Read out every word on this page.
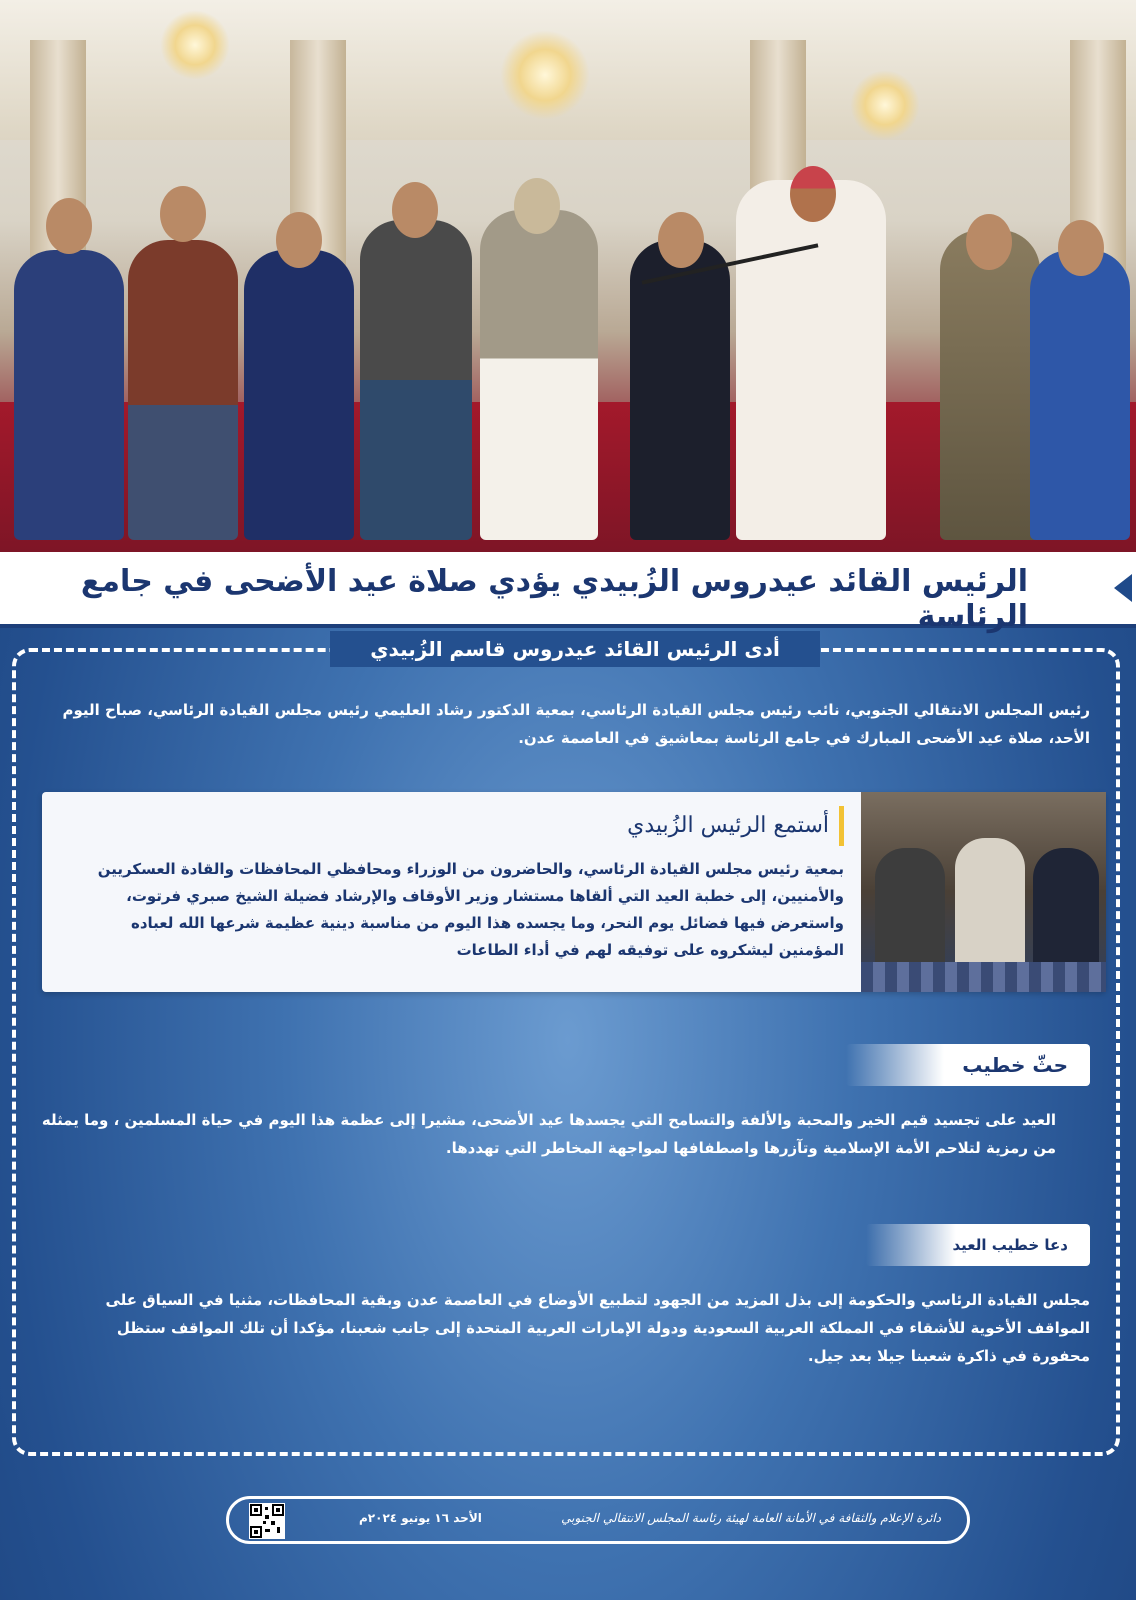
الرئيس القائد عيدروس الزُبيدي يؤدي صلاة عيد الأضحى في جامع الرئاسة
أدى الرئيس القائد عيدروس قاسم الزُبيدي
رئيس المجلس الانتقالي الجنوبي، نائب رئيس مجلس القيادة الرئاسي، بمعية الدكتور رشاد العليمي رئيس مجلس القيادة الرئاسي، صباح اليوم الأحد، صلاة عيد الأضحى المبارك في جامع الرئاسة بمعاشيق في العاصمة عدن.
أستمع الرئيس الزُبيدي
بمعية رئيس مجلس القيادة الرئاسي، والحاضرون من الوزراء ومحافظي المحافظات والقادة العسكريين والأمنيين، إلى خطبة العيد التي ألقاها مستشار وزير الأوقاف والإرشاد فضيلة الشيخ صبري فرتوت، واستعرض فيها فضائل يوم النحر، وما يجسده هذا اليوم من مناسبة دينية عظيمة شرعها الله لعباده المؤمنين ليشكروه على توفيقه لهم في أداء الطاعات
حثّ خطيب
العيد على تجسيد قيم الخير والمحبة والألفة والتسامح التي يجسدها عيد الأضحى، مشيرا إلى عظمة هذا اليوم في حياة المسلمين ، وما يمثله من رمزية لتلاحم الأمة الإسلامية وتآزرها واصطفافها لمواجهة المخاطر التي تهددها.
دعا خطيب العيد
مجلس القيادة الرئاسي والحكومة إلى بذل المزيد من الجهود لتطبيع الأوضاع في العاصمة عدن وبقية المحافظات، مثنيا في السياق على المواقف الأخوية للأشقاء في المملكة العربية السعودية ودولة الإمارات العربية المتحدة إلى جانب شعبنا، مؤكدا أن تلك المواقف ستظل محفورة في ذاكرة شعبنا جيلا بعد جيل.
دائرة الإعلام والثقافة في الأمانة العامة لهيئة رئاسة المجلس الانتقالي الجنوبي
الأحد ١٦ يونيو ٢٠٢٤م
